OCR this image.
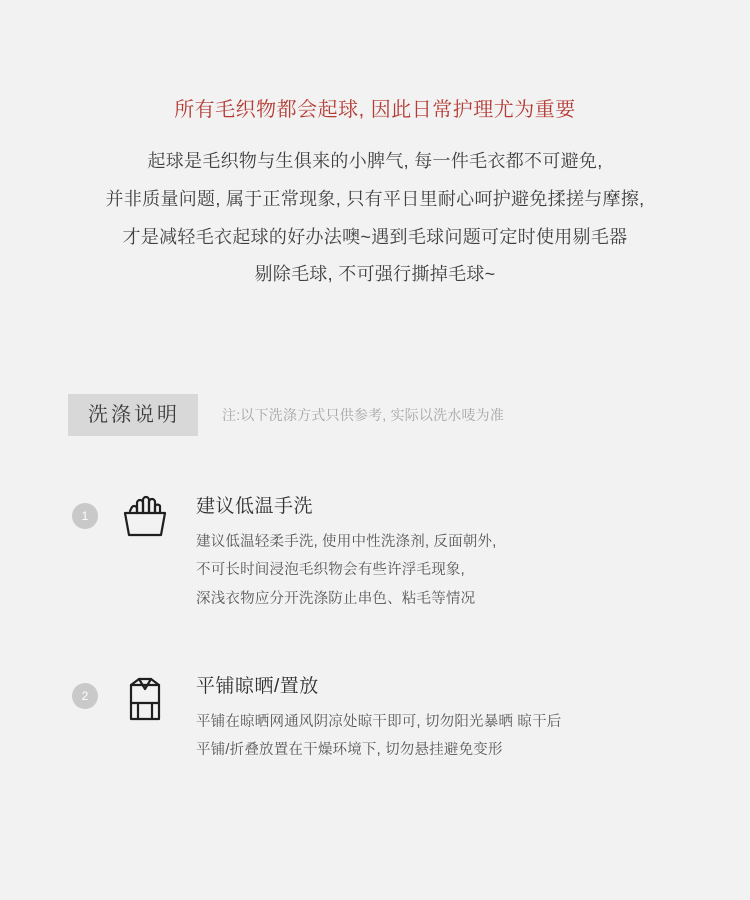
所有毛织物都会起球, 因此日常护理尤为重要

起球是毛织物与生俱来的小脾气, 每一件毛衣都不可避免,

并非质量问题, 属于正常现象, 只有平日里耐心呵护避免揉搓与摩擦,

才是减轻毛衣起球的好办法噢~遇到毛球问题可定时使用剔毛器

剔除毛球, 不可强行撕掉毛球~

洗涤说明	注:以下洗涤方式只供参考, 实际以洗水唛为准
1	建议低温手洗
建议低温轻柔手洗, 使用中性洗涤剂, 反面朝外,
不可长时间浸泡毛织物会有些许浮毛现象,
深浅衣物应分开洗涤防止串色、粘毛等情况
2	平铺晾晒/置放
平铺在晾晒网通风阴凉处晾干即可, 切勿阳光暴晒 晾干后
平铺/折叠放置在干燥环境下, 切勿悬挂避免变形
